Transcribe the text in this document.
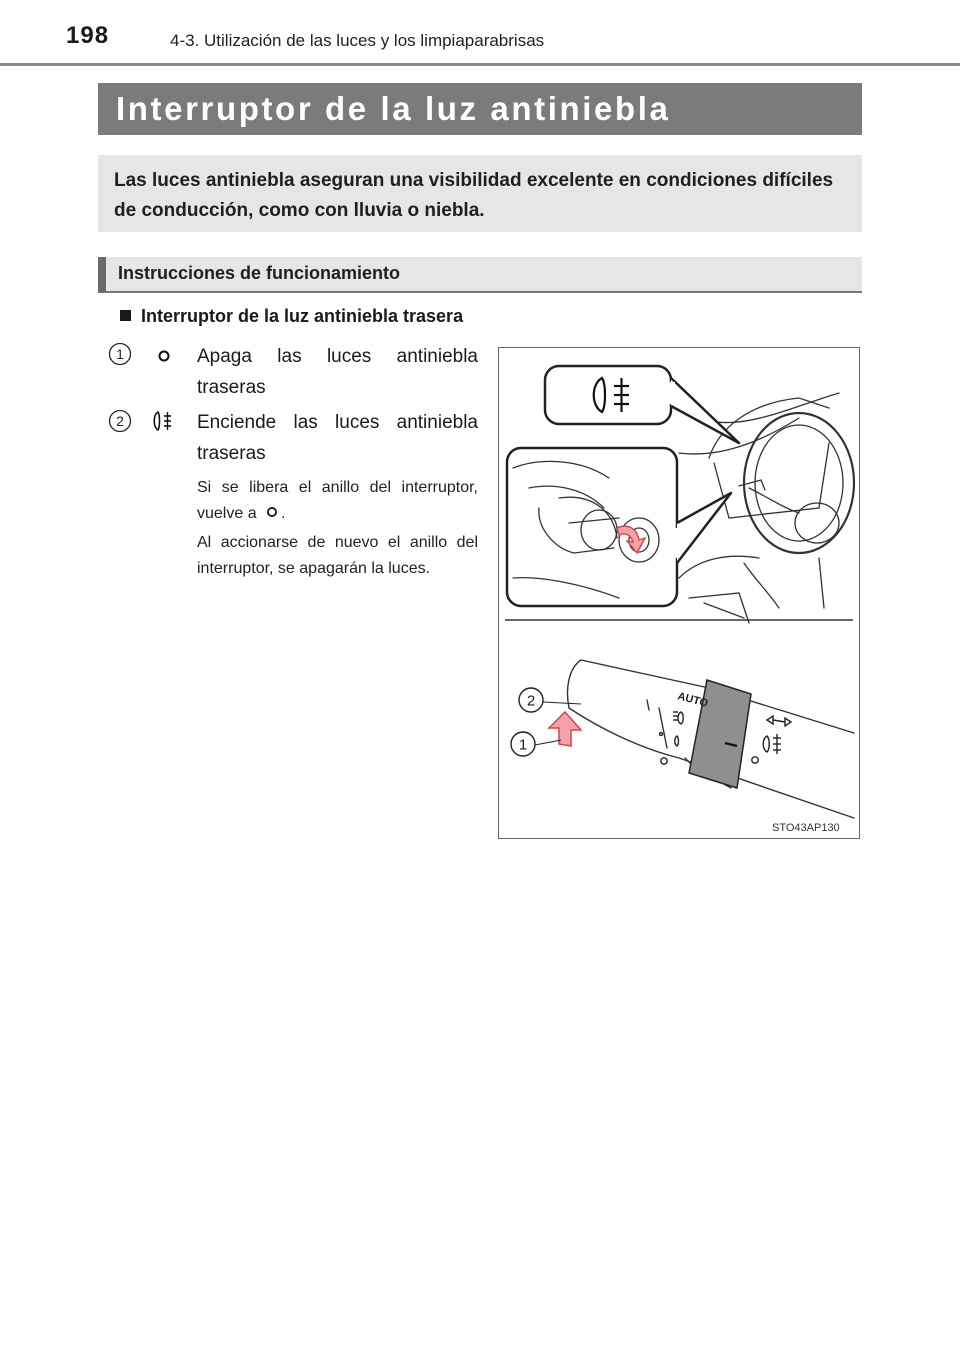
198	4-3. Utilización de las luces y los limpiaparabrisas
Interruptor de la luz antiniebla
Las luces antiniebla aseguran una visibilidad excelente en condiciones difíciles de conducción, como con lluvia o niebla.
Instrucciones de funcionamiento
Interruptor de la luz antiniebla trasera
1	Apaga las luces antiniebla traseras
2	Enciende las luces antiniebla traseras
Si se libera el anillo del interruptor, vuelve a .
Al accionarse de nuevo el anillo del interruptor, se apagarán la luces.
AUTO
2
1
STO43AP130
